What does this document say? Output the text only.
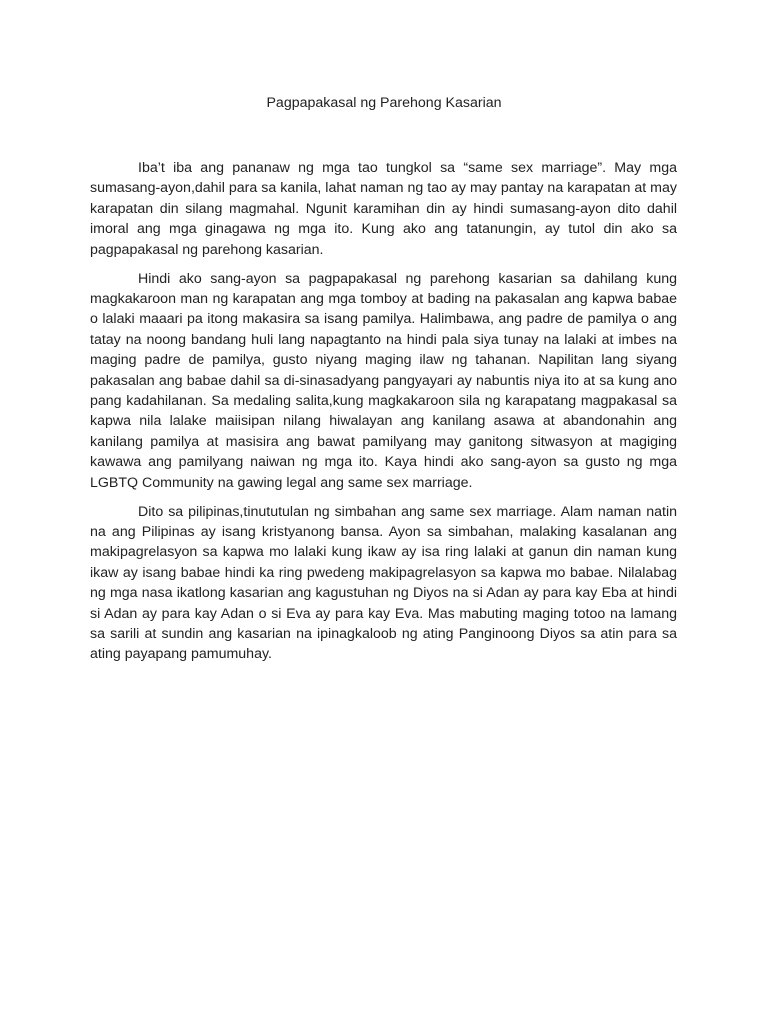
Pagpapakasal ng Parehong Kasarian

Iba’t iba ang pananaw ng mga tao tungkol sa “same sex marriage”. May mga sumasang-ayon,dahil para sa kanila, lahat naman ng tao ay may pantay na karapatan at may karapatan din silang magmahal. Ngunit karamihan din ay hindi sumasang-ayon dito dahil imoral ang mga ginagawa ng mga ito. Kung ako ang tatanungin, ay tutol din ako sa pagpapakasal ng parehong kasarian.

Hindi ako sang-ayon sa pagpapakasal ng parehong kasarian sa dahilang kung magkakaroon man ng karapatan ang mga tomboy at bading na pakasalan ang kapwa babae o lalaki maaari pa itong makasira sa isang pamilya. Halimbawa, ang padre de pamilya o ang tatay na noong bandang huli lang napagtanto na hindi pala siya tunay na lalaki at imbes na maging padre de pamilya, gusto niyang maging ilaw ng tahanan. Napilitan lang siyang pakasalan ang babae dahil sa di-sinasadyang pangyayari ay nabuntis niya ito at sa kung ano pang kadahilanan. Sa medaling salita,kung magkakaroon sila ng karapatang magpakasal sa kapwa nila lalake maiisipan nilang hiwalayan ang kanilang asawa at abandonahin ang kanilang pamilya at masisira ang bawat pamilyang may ganitong sitwasyon at magiging kawawa ang pamilyang naiwan ng mga ito. Kaya hindi ako sang-ayon sa gusto ng mga LGBTQ Community na gawing legal ang same sex marriage.

Dito sa pilipinas,tinututulan ng simbahan ang same sex marriage. Alam naman natin na ang Pilipinas ay isang kristyanong bansa. Ayon sa simbahan, malaking kasalanan ang makipagrelasyon sa kapwa mo lalaki kung ikaw ay isa ring lalaki at ganun din naman kung ikaw ay isang babae hindi ka ring pwedeng makipagrelasyon sa kapwa mo babae. Nilalabag ng mga nasa ikatlong kasarian ang kagustuhan ng Diyos na si Adan ay para kay Eba at hindi si Adan ay para kay Adan o si Eva ay para kay Eva. Mas mabuting maging totoo na lamang sa sarili at sundin ang kasarian na ipinagkaloob ng ating Panginoong Diyos sa atin para sa ating payapang pamumuhay.
